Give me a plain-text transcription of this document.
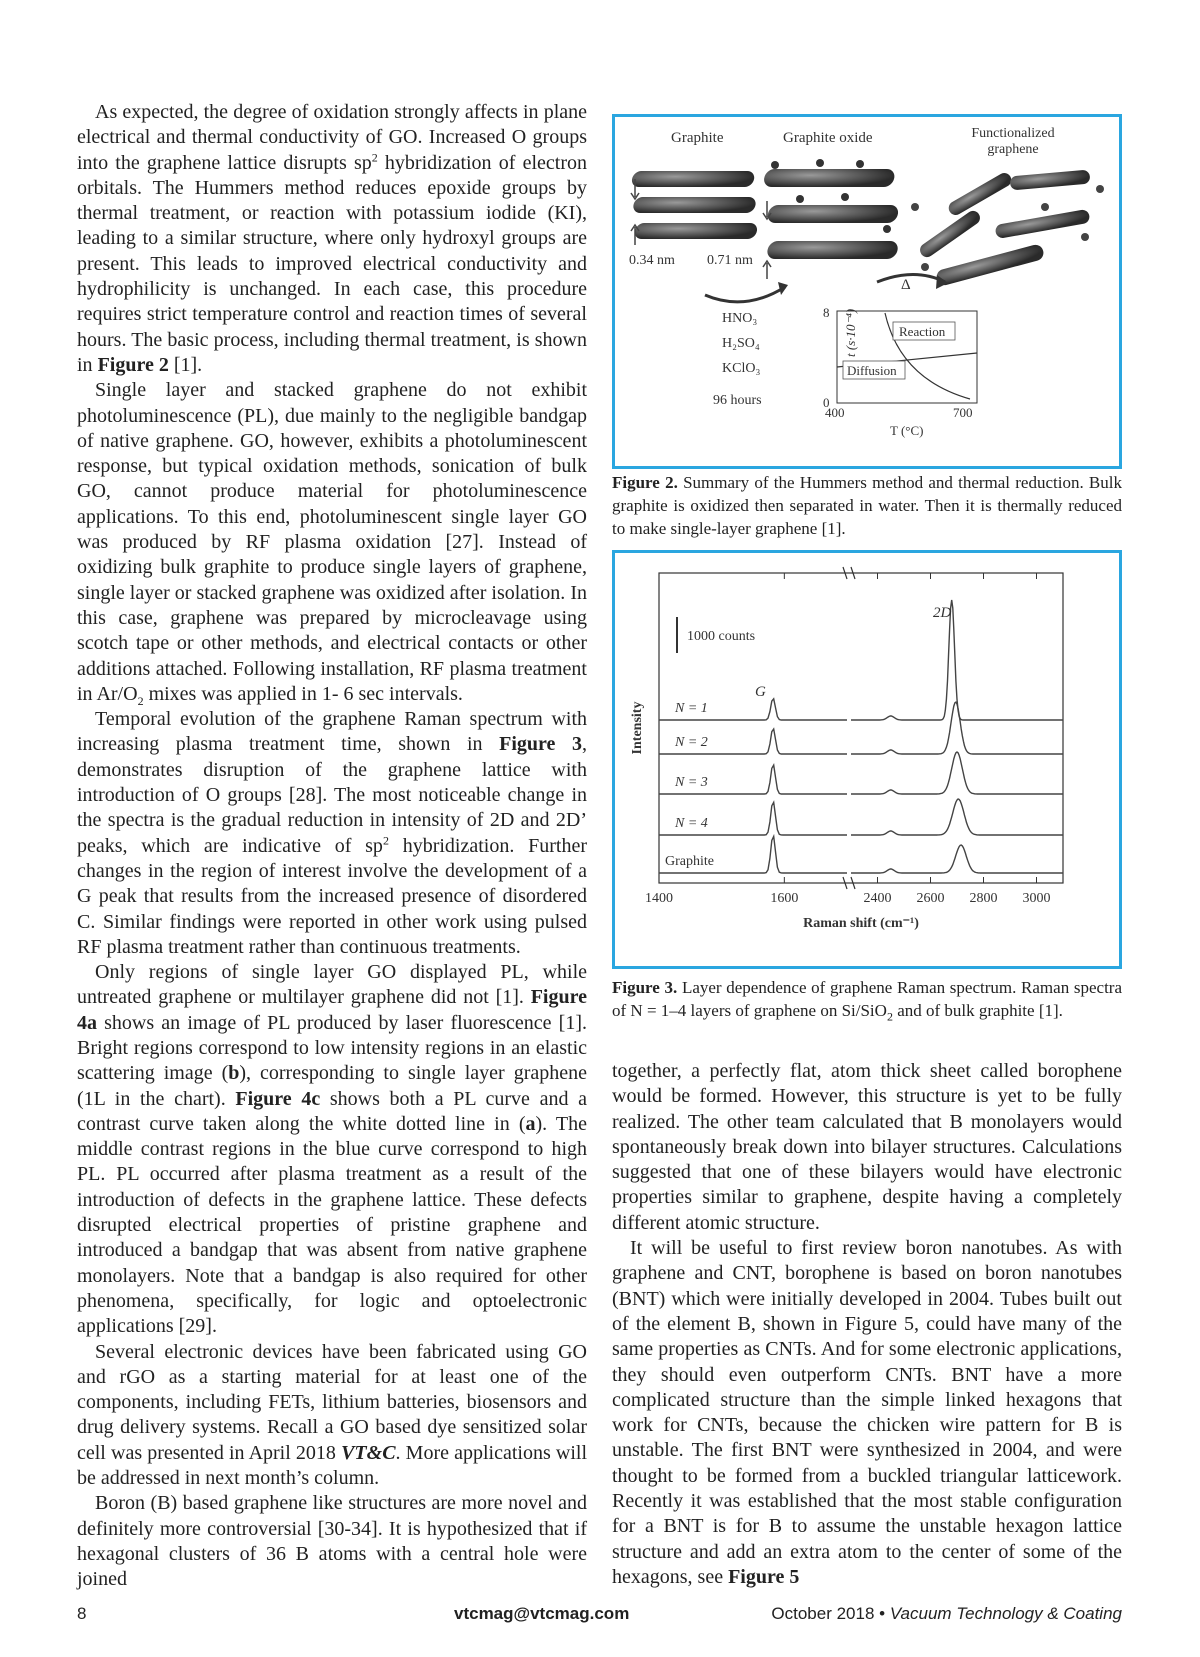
As expected, the degree of oxidation strongly affects in plane electrical and thermal conductivity of GO. Increased O groups into the graphene lattice disrupts $sp^2$ hybridization of electron orbitals. The Hummers method reduces epoxide groups by thermal treatment, or reaction with potassium iodide (KI), leading to a similar structure, where only hydroxyl groups are present. This leads to improved electrical conductivity and hydrophilicity is unchanged. In each case, this procedure requires strict temperature control and reaction times of several hours. The basic process, including thermal treatment, is shown in Figure 2 [1].

Single layer and stacked graphene do not exhibit photoluminescence (PL), due mainly to the negligible bandgap of native graphene. GO, however, exhibits a photoluminescent response, but typical oxidation methods, sonication of bulk GO, cannot produce material for photoluminescence applications. To this end, photoluminescent single layer GO was produced by RF plasma oxidation [27]. Instead of oxidizing bulk graphite to produce single layers of graphene, single layer or stacked graphene was oxidized after isolation. In this case, graphene was prepared by microcleavage using scotch tape or other methods, and electrical contacts or other additions attached. Following installation, RF plasma treatment in $Ar/O_2$ mixes was applied in 1- 6 sec intervals.

Temporal evolution of the graphene Raman spectrum with increasing plasma treatment time, shown in Figure 3, demonstrates disruption of the graphene lattice with introduction of O groups [28]. The most noticeable change in the spectra is the gradual reduction in intensity of 2D and 2D’ peaks, which are indicative of $sp^2$ hybridization. Further changes in the region of interest involve the development of a G peak that results from the increased presence of disordered C. Similar findings were reported in other work using pulsed RF plasma treatment rather than continuous treatments.

Only regions of single layer GO displayed PL, while untreated graphene or multilayer graphene did not [1]. Figure 4a shows an image of PL produced by laser fluorescence [1]. Bright regions correspond to low intensity regions in an elastic scattering image (b), corresponding to single layer graphene (1L in the chart). Figure 4c shows both a PL curve and a contrast curve taken along the white dotted line in (a). The middle contrast regions in the blue curve correspond to high PL. PL occurred after plasma treatment as a result of the introduction of defects in the graphene lattice. These defects disrupted electrical properties of pristine graphene and introduced a bandgap that was absent from native graphene monolayers. Note that a bandgap is also required for other phenomena, specifically, for logic and optoelectronic applications [29].

Several electronic devices have been fabricated using GO and rGO as a starting material for at least one of the components, including FETs, lithium batteries, biosensors and drug delivery systems. Recall a GO based dye sensitized solar cell was presented in April 2018 VT&C. More applications will be addressed in next month’s column.

Boron (B) based graphene like structures are more novel and definitely more controversial [30-34]. It is hypothesized that if hexagonal clusters of 36 B atoms with a central hole were joined

Graphite	Graphite oxide	Functionalized
graphene
0.34 nm 0.71 nm
Δ
HNO₃
H₂SO₄
KClO₃
96 hours
8
0
t (s·10⁻⁴)
400	700
T (°C)
Reaction
Diffusion
Figure 2. Summary of the Hummers method and thermal reduction. Bulk graphite is oxidized then separated in water. Then it is thermally reduced to make single-layer graphene [1].
1400	1600	2400 2600 2800 3000
N = 1
N = 2
N = 3
N = 4
Graphite
1000 counts
G
2D
Intensity
Raman shift (cm⁻¹)
Figure 3. Layer dependence of graphene Raman spectrum. Raman spectra of N = 1–4 layers of graphene on Si/SiO$_2$ and of bulk graphite [1].

together, a perfectly flat, atom thick sheet called borophene would be formed. However, this structure is yet to be fully realized. The other team calculated that B monolayers would spontaneously break down into bilayer structures. Calculations suggested that one of these bilayers would have electronic properties similar to graphene, despite having a completely different atomic structure.

It will be useful to first review boron nanotubes. As with graphene and CNT, borophene is based on boron nanotubes (BNT) which were initially developed in 2004. Tubes built out of the element B, shown in Figure 5, could have many of the same properties as CNTs. And for some electronic applications, they should even outperform CNTs. BNT have a more complicated structure than the simple linked hexagons that work for CNTs, because the chicken wire pattern for B is unstable. The first BNT were synthesized in 2004, and were thought to be formed from a buckled triangular latticework. Recently it was established that the most stable configuration for a BNT is for B to assume the unstable hexagon lattice structure and add an extra atom to the center of some of the hexagons, see Figure 5

8	vtcmag@vtcmag.com	October 2018 • Vacuum Technology & Coating
